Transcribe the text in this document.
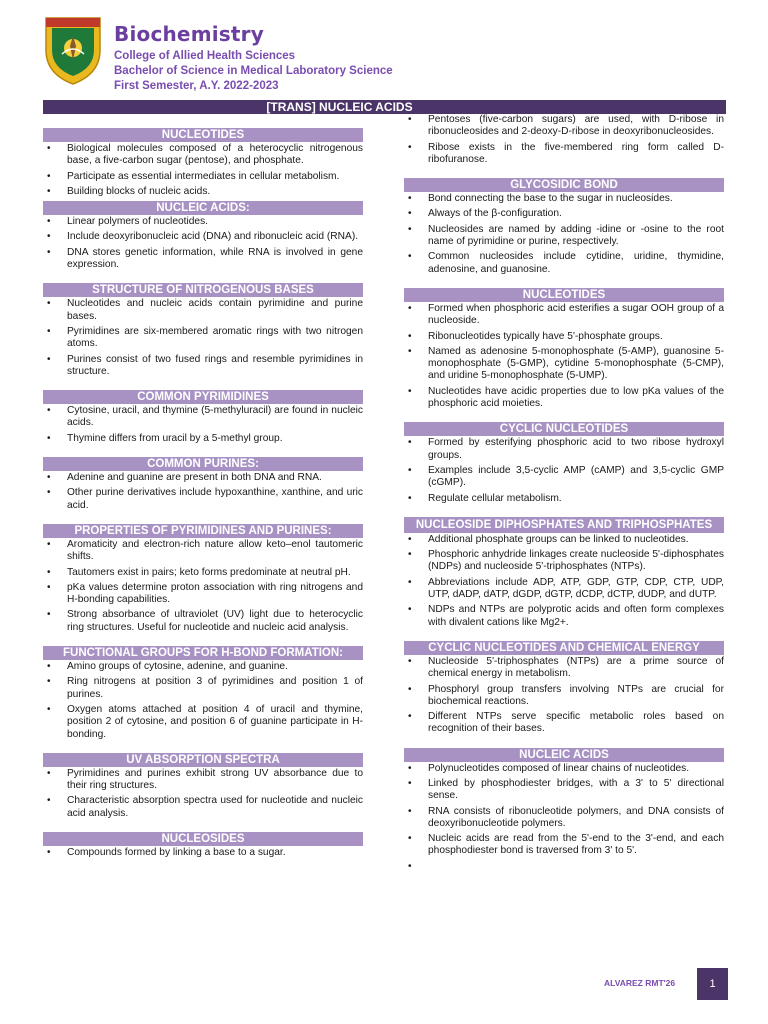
Biochemistry
College of Allied Health Sciences
Bachelor of Science in Medical Laboratory Science
First Semester, A.Y. 2022-2023
[TRANS] NUCLEIC ACIDS
NUCLEOTIDES
• Biological molecules composed of a heterocyclic nitrogenous base, a five-carbon sugar (pentose), and phosphate.
• Participate as essential intermediates in cellular metabolism.
• Building blocks of nucleic acids.
NUCLEIC ACIDS:
• Linear polymers of nucleotides.
• Include deoxyribonucleic acid (DNA) and ribonucleic acid (RNA).
• DNA stores genetic information, while RNA is involved in gene expression.
STRUCTURE OF NITROGENOUS BASES
• Nucleotides and nucleic acids contain pyrimidine and purine bases.
• Pyrimidines are six-membered aromatic rings with two nitrogen atoms.
• Purines consist of two fused rings and resemble pyrimidines in structure.
COMMON PYRIMIDINES
• Cytosine, uracil, and thymine (5-methyluracil) are found in nucleic acids.
• Thymine differs from uracil by a 5-methyl group.
COMMON PURINES:
• Adenine and guanine are present in both DNA and RNA.
• Other purine derivatives include hypoxanthine, xanthine, and uric acid.
PROPERTIES OF PYRIMIDINES AND PURINES:
• Aromaticity and electron-rich nature allow keto–enol tautomeric shifts.
• Tautomers exist in pairs; keto forms predominate at neutral pH.
• pKa values determine proton association with ring nitrogens and H-bonding capabilities.
• Strong absorbance of ultraviolet (UV) light due to heterocyclic ring structures. Useful for nucleotide and nucleic acid analysis.
FUNCTIONAL GROUPS FOR H-BOND FORMATION:
• Amino groups of cytosine, adenine, and guanine.
• Ring nitrogens at position 3 of pyrimidines and position 1 of purines.
• Oxygen atoms attached at position 4 of uracil and thymine, position 2 of cytosine, and position 6 of guanine participate in H-bonding.
UV ABSORPTION SPECTRA
• Pyrimidines and purines exhibit strong UV absorbance due to their ring structures.
• Characteristic absorption spectra used for nucleotide and nucleic acid analysis.
NUCLEOSIDES
• Compounds formed by linking a base to a sugar.
• Pentoses (five-carbon sugars) are used, with D-ribose in ribonucleosides and 2-deoxy-D-ribose in deoxyribonucleosides.
• Ribose exists in the five-membered ring form called D-ribofuranose.
GLYCOSIDIC BOND
• Bond connecting the base to the sugar in nucleosides.
• Always of the β-configuration.
• Nucleosides are named by adding -idine or -osine to the root name of pyrimidine or purine, respectively.
• Common nucleosides include cytidine, uridine, thymidine, adenosine, and guanosine.
NUCLEOTIDES
• Formed when phosphoric acid esterifies a sugar OOH group of a nucleoside.
• Ribonucleotides typically have 5'-phosphate groups.
• Named as adenosine 5-monophosphate (5-AMP), guanosine 5-monophosphate (5-GMP), cytidine 5-monophosphate (5-CMP), and uridine 5-monophosphate (5-UMP).
• Nucleotides have acidic properties due to low pKa values of the phosphoric acid moieties.
CYCLIC NUCLEOTIDES
• Formed by esterifying phosphoric acid to two ribose hydroxyl groups.
• Examples include 3,5-cyclic AMP (cAMP) and 3,5-cyclic GMP (cGMP).
• Regulate cellular metabolism.
NUCLEOSIDE DIPHOSPHATES AND TRIPHOSPHATES
• Additional phosphate groups can be linked to nucleotides.
• Phosphoric anhydride linkages create nucleoside 5'-diphosphates (NDPs) and nucleoside 5'-triphosphates (NTPs).
• Abbreviations include ADP, ATP, GDP, GTP, CDP, CTP, UDP, UTP, dADP, dATP, dGDP, dGTP, dCDP, dCTP, dUDP, and dUTP.
• NDPs and NTPs are polyprotic acids and often form complexes with divalent cations like Mg2+.
CYCLIC NUCLEOTIDES AND CHEMICAL ENERGY
• Nucleoside 5'-triphosphates (NTPs) are a prime source of chemical energy in metabolism.
• Phosphoryl group transfers involving NTPs are crucial for biochemical reactions.
• Different NTPs serve specific metabolic roles based on recognition of their bases.
NUCLEIC ACIDS
• Polynucleotides composed of linear chains of nucleotides.
• Linked by phosphodiester bridges, with a 3' to 5' directional sense.
• RNA consists of ribonucleotide polymers, and DNA consists of deoxyribonucleotide polymers.
• Nucleic acids are read from the 5'-end to the 3'-end, and each phosphodiester bond is traversed from 3' to 5'.
ALVAREZ RMT'26	1
